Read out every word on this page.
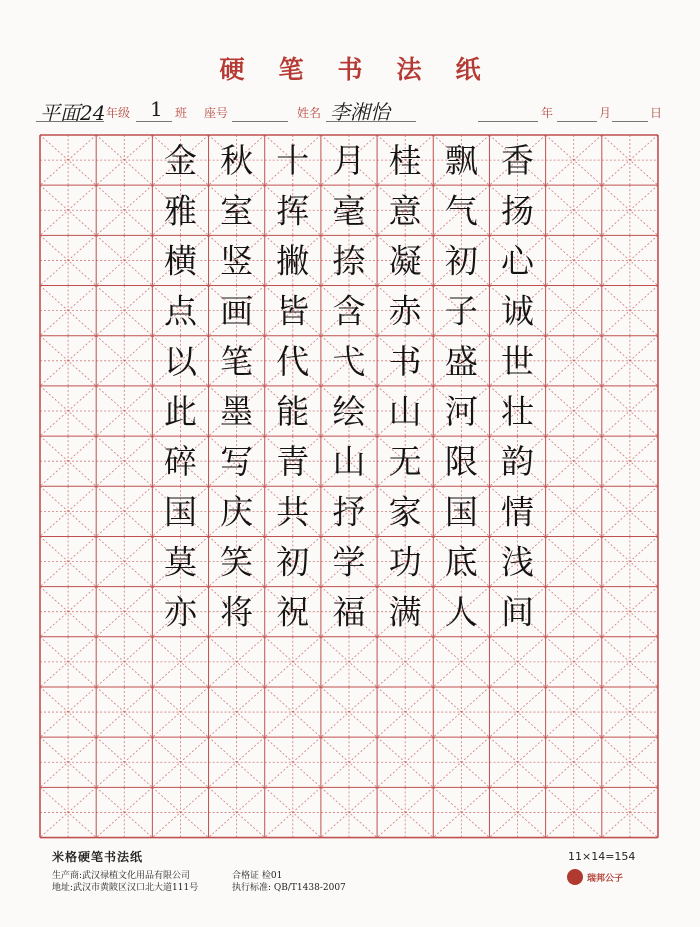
硬笔书法纸
平面24 年级 1 班 座号	姓名 李湘怡	年	月	日
金 秋 十 月 桂 飘 香
雅 室 挥 毫 意 气 扬
横 竖 撇 捺 凝 初 心
点 画 皆 含 赤 子 诚
以 笔 代 弋 书 盛 世
此 墨 能 绘 山 河 壮
碎 写 青 山 无 限 韵
国 庆 共 抒 家 国 情
莫 笑 初 学 功 底 浅
亦 将 祝 福 满 人 间
米格硬笔书法纸	11×14=154
生产商:武汉禄植文化用品有限公司	合格证 检01
地址:武汉市黄陂区汉口北大道111号	执行标准: QB/T1438-2007
瑞邦公子
